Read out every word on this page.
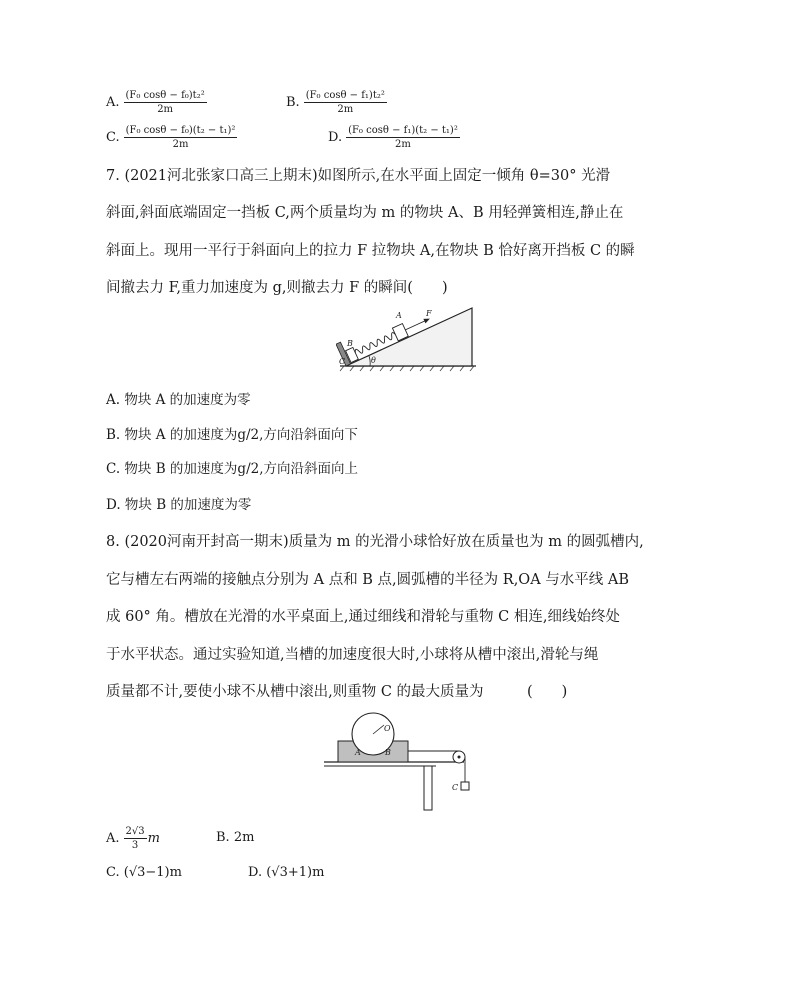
A. $\frac{\text{(F₀ cosθ − f₀)t₂²}}{2m}$	B. $\frac{\text{(F₀ cosθ − f₁)t₂²}}{2m}$
C. $\frac{\text{(F₀ cosθ − f₀)(t₂ − t₁)²}}{2m}$	D. $\frac{\text{(F₀ cosθ − f₁)(t₂ − t₁)²}}{2m}$
7. (2021河北张家口高三上期末)如图所示,在水平面上固定一倾角 θ=30° 光滑
斜面,斜面底端固定一挡板 C,两个质量均为 m 的物块 A、B 用轻弹簧相连,静止在
斜面上。现用一平行于斜面向上的拉力 F 拉物块 A,在物块 B 恰好离开挡板 C 的瞬
间撤去力 F,重力加速度为 g,则撤去力 F 的瞬间(　　)
θ
C
B
A	F
A. 物块 A 的加速度为零
B. 物块 A 的加速度为g/2,方向沿斜面向下
C. 物块 B 的加速度为g/2,方向沿斜面向上
D. 物块 B 的加速度为零
8. (2020河南开封高一期末)质量为 m 的光滑小球恰好放在质量也为 m 的圆弧槽内,
它与槽左右两端的接触点分别为 A 点和 B 点,圆弧槽的半径为 R,OA 与水平线 AB
成 60° 角。槽放在光滑的水平桌面上,通过细线和滑轮与重物 C 相连,细线始终处
于水平状态。通过实验知道,当槽的加速度很大时,小球将从槽中滚出,滑轮与绳
质量都不计,要使小球不从槽中滚出,则重物 C 的最大质量为　　　(　　)
O
A	B
C
A. $\frac{2√3}{3}$ m	B. 2m
C. (√3−1)m	D. (√3+1)m
